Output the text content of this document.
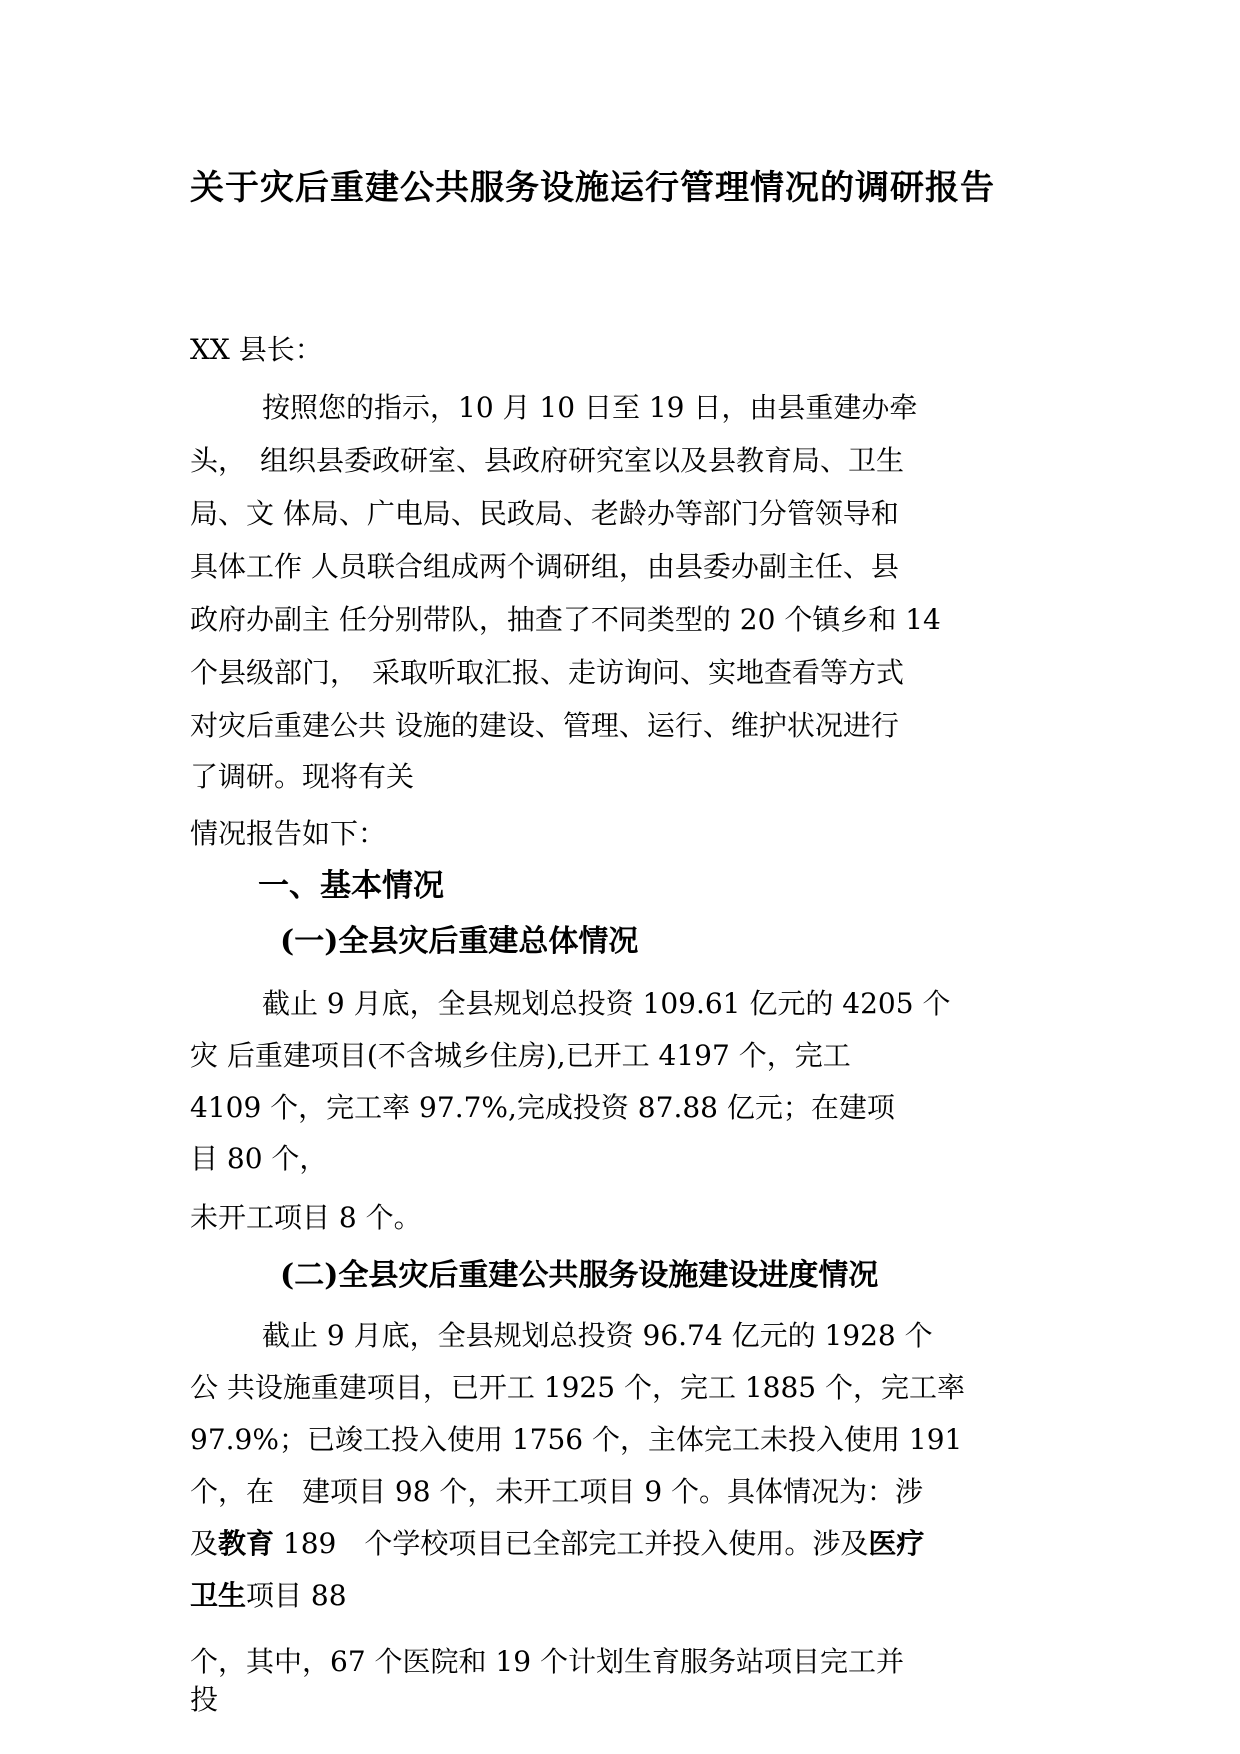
关于灾后重建公共服务设施运行管理情况的调研报告
XX 县长：
按照您的指示，10 月 10 日至 19 日，由县重建办牵
头，　组织县委政研室、县政府研究室以及县教育局、卫生
局、文 体局、广电局、民政局、老龄办等部门分管领导和
具体工作 人员联合组成两个调研组，由县委办副主任、县
政府办副主 任分别带队，抽查了不同类型的 20 个镇乡和 14
个县级部门，　采取听取汇报、走访询问、实地查看等方式
对灾后重建公共 设施的建设、管理、运行、维护状况进行
了调研。现将有关
情况报告如下：
一、基本情况
(一)全县灾后重建总体情况
截止 9 月底，全县规划总投资 109.61 亿元的 4205 个
灾 后重建项目(不含城乡住房),已开工 4197 个，完工
4109 个，完工率 97.7%,完成投资 87.88 亿元；在建项
目 80 个，
未开工项目 8 个。
(二)全县灾后重建公共服务设施建设进度情况
截止 9 月底，全县规划总投资 96.74 亿元的 1928 个
公 共设施重建项目，已开工 1925 个，完工 1885 个，完工率
97.9%；已竣工投入使用 1756 个，主体完工未投入使用 191
个，在　建项目 98 个，未开工项目 9 个。具体情况为：涉
及教育 189　个学校项目已全部完工并投入使用。涉及医疗
卫生项目 88
个，其中，67 个医院和 19 个计划生育服务站项目完工并
投
